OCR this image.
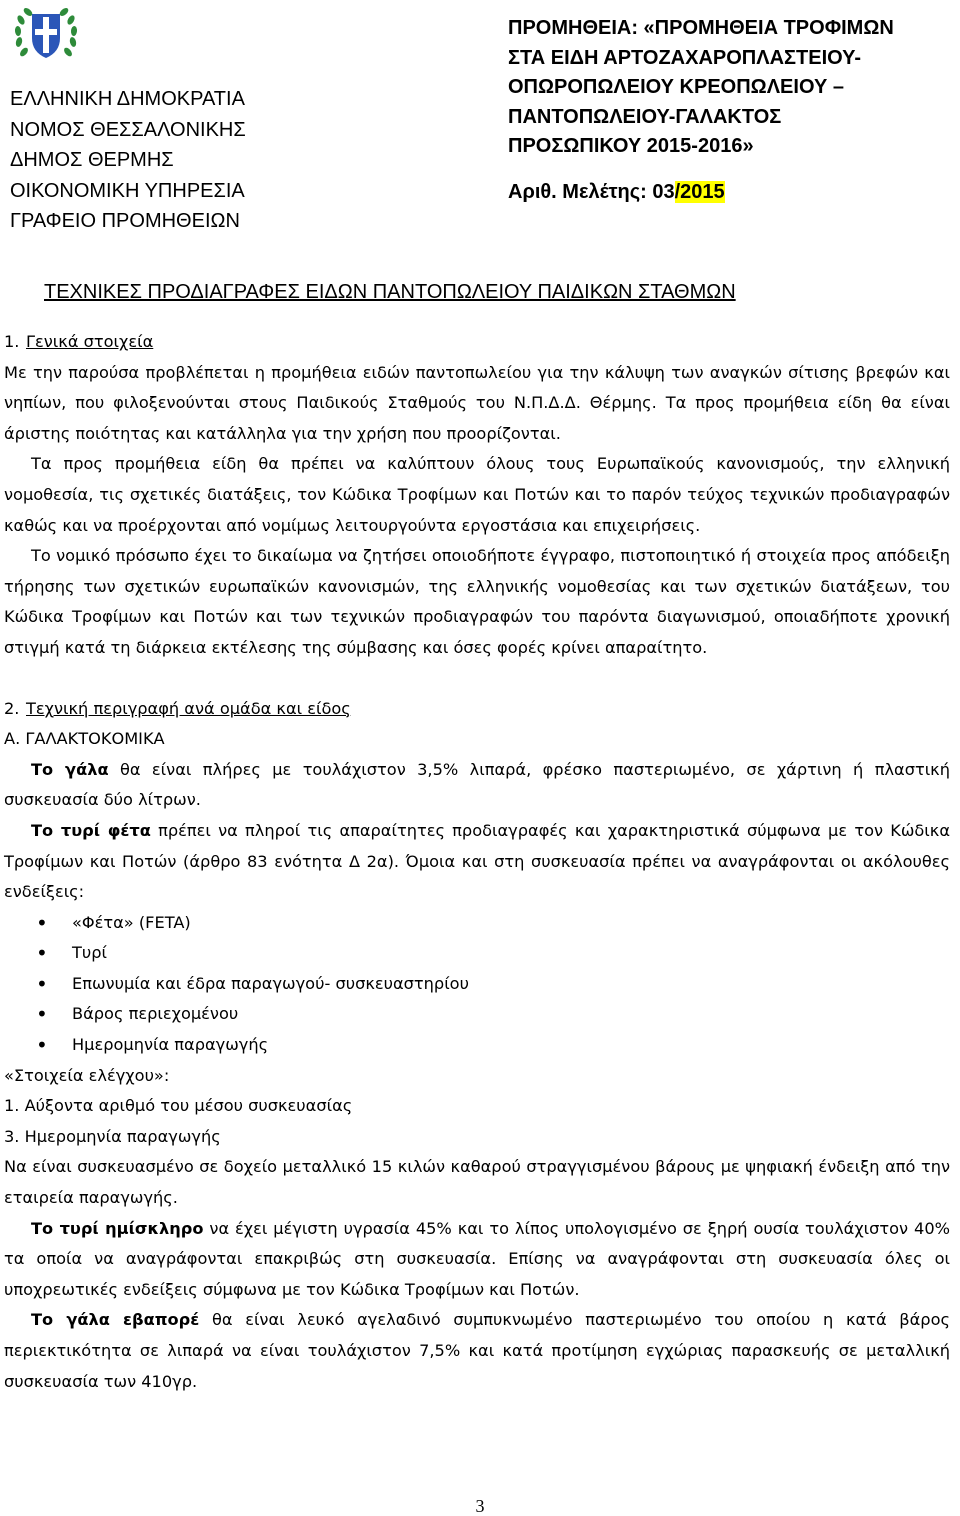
ΕΛΛΗΝΙΚΗ ΔΗΜΟΚΡΑΤΙΑ
ΝΟΜΟΣ ΘΕΣΣΑΛΟΝΙΚΗΣ
ΔΗΜΟΣ ΘΕΡΜΗΣ
ΟΙΚΟΝΟΜΙΚΗ ΥΠΗΡΕΣΙΑ
ΓΡΑΦΕΙΟ ΠΡΟΜΗΘΕΙΩΝ
ΠΡΟΜΗΘΕΙΑ: «ΠΡΟΜΗΘΕΙΑ ΤΡΟΦΙΜΩΝ
ΣΤΑ ΕΙΔΗ ΑΡΤΟΖΑΧΑΡΟΠΛΑΣΤΕΙΟΥ-
ΟΠΩΡΟΠΩΛΕΙΟΥ ΚΡΕΟΠΩΛΕΙΟΥ –
ΠΑΝΤΟΠΩΛΕΙΟΥ-ΓΑΛΑΚΤΟΣ
ΠΡΟΣΩΠΙΚΟΥ 2015-2016»
Αριθ. Μελέτης: 03/2015
ΤΕΧΝΙΚΕΣ ΠΡΟΔΙΑΓΡΑΦΕΣ ΕΙΔΩΝ ΠΑΝΤΟΠΩΛΕΙΟΥ ΠΑΙΔΙΚΩΝ ΣΤΑΘΜΩΝ

1. Γενικά στοιχεία

Με την παρούσα προβλέπεται η προμήθεια ειδών παντοπωλείου για την κάλυψη των αναγκών σίτισης βρεφών και νηπίων, που φιλοξενούνται στους Παιδικούς Σταθμούς του Ν.Π.Δ.Δ. Θέρμης. Τα προς προμήθεια είδη θα είναι άριστης ποιότητας και κατάλληλα για την χρήση που προορίζονται.

Τα προς προμήθεια είδη θα πρέπει να καλύπτουν όλους τους Ευρωπαϊκούς κανονισμούς, την ελληνική νομοθεσία, τις σχετικές διατάξεις, τον Κώδικα Τροφίμων και Ποτών και το παρόν τεύχος τεχνικών προδιαγραφών καθώς και να προέρχονται από νομίμως λειτουργούντα εργοστάσια και επιχειρήσεις.

Το νομικό πρόσωπο έχει το δικαίωμα να ζητήσει οποιοδήποτε έγγραφο, πιστοποιητικό ή στοιχεία προς απόδειξη τήρησης των σχετικών ευρωπαϊκών κανονισμών, της ελληνικής νομοθεσίας και των σχετικών διατάξεων, του Κώδικα Τροφίμων και Ποτών και των τεχνικών προδιαγραφών του παρόντα διαγωνισμού, οποιαδήποτε χρονική στιγμή κατά τη διάρκεια εκτέλεσης της σύμβασης και όσες φορές κρίνει απαραίτητο.

2. Τεχνική περιγραφή ανά ομάδα και είδος

Α. ΓΑΛΑΚΤΟΚΟΜΙΚΑ

Το γάλα θα είναι πλήρες με τουλάχιστον 3,5% λιπαρά, φρέσκο παστεριωμένο, σε χάρτινη ή πλαστική συσκευασία δύο λίτρων.

Το τυρί φέτα πρέπει να πληροί τις απαραίτητες προδιαγραφές και χαρακτηριστικά σύμφωνα με τον Κώδικα Τροφίμων και Ποτών (άρθρο 83 ενότητα Δ 2α). Όμοια και στη συσκευασία πρέπει να αναγράφονται οι ακόλουθες ενδείξεις:

• «Φέτα» (FETA)
• Τυρί
• Επωνυμία και έδρα παραγωγού- συσκευαστηρίου
• Βάρος περιεχομένου
• Ημερομηνία παραγωγής

«Στοιχεία ελέγχου»:

1. Αύξοντα αριθμό του μέσου συσκευασίας

3. Ημερομηνία παραγωγής

Να είναι συσκευασμένο σε δοχείο μεταλλικό 15 κιλών καθαρού στραγγισμένου βάρους με ψηφιακή ένδειξη από την εταιρεία παραγωγής.

Το τυρί ημίσκληρο να έχει μέγιστη υγρασία 45% και το λίπος υπολογισμένο σε ξηρή ουσία τουλάχιστον 40% τα οποία να αναγράφονται επακριβώς στη συσκευασία. Επίσης να αναγράφονται στη συσκευασία όλες οι υποχρεωτικές ενδείξεις σύμφωνα με τον Κώδικα Τροφίμων και Ποτών.

Το γάλα εβαπορέ θα είναι λευκό αγελαδινό συμπυκνωμένο παστεριωμένο του οποίου η κατά βάρος περιεκτικότητα σε λιπαρά να είναι τουλάχιστον 7,5% και κατά προτίμηση εγχώριας παρασκευής σε μεταλλική συσκευασία των 410γρ.

3
